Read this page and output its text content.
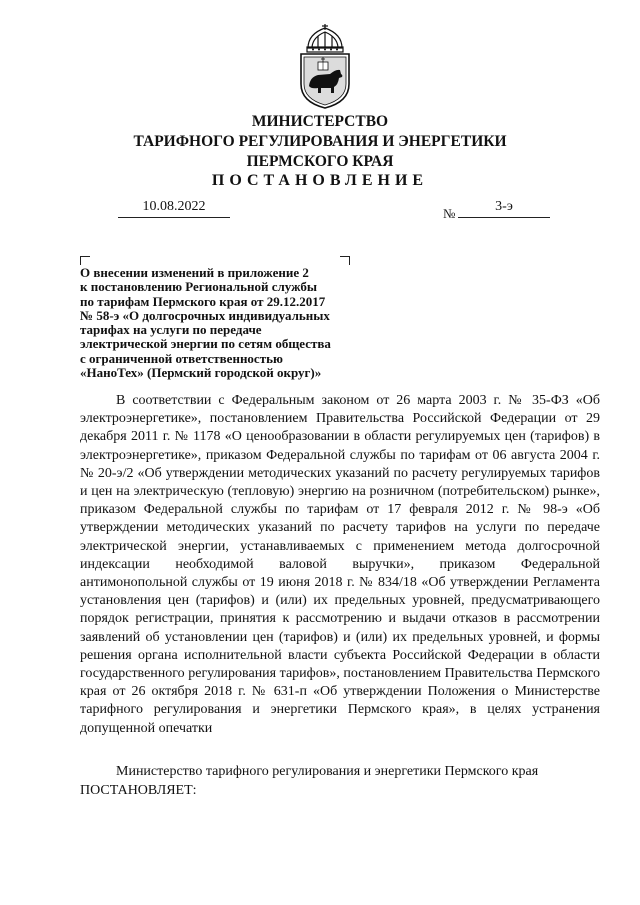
МИНИСТЕРСТВО
ТАРИФНОГО РЕГУЛИРОВАНИЯ И ЭНЕРГЕТИКИ
ПЕРМСКОГО КРАЯ
ПОСТАНОВЛЕНИЕ
10.08.2022	№	3-э
О внесении изменений в приложение 2
к постановлению Региональной службы
по тарифам Пермского края от 29.12.2017
№ 58-э «О долгосрочных индивидуальных
тарифах на услуги по передаче
электрической энергии по сетям общества
с ограниченной ответственностью
«НаноТех» (Пермский городской округ)»

В соответствии с Федеральным законом от 26 марта 2003 г. № 35-ФЗ «Об электроэнергетике», постановлением Правительства Российской Федерации от 29 декабря 2011 г. № 1178 «О ценообразовании в области регулируемых цен (тарифов) в электроэнергетике», приказом Федеральной службы по тарифам от 06 августа 2004 г. № 20-э/2 «Об утверждении методических указаний по расчету регулируемых тарифов и цен на электрическую (тепловую) энергию на розничном (потребительском) рынке», приказом Федеральной службы по тарифам от 17 февраля 2012 г. № 98-э «Об утверждении методических указаний по расчету тарифов на услуги по передаче электрической энергии, устанавливаемых с применением метода долгосрочной индексации необходимой валовой выручки», приказом Федеральной антимонопольной службы от 19 июня 2018 г. № 834/18 «Об утверждении Регламента установления цен (тарифов) и (или) их предельных уровней, предусматривающего порядок регистрации, принятия к рассмотрению и выдачи отказов в рассмотрении заявлений об установлении цен (тарифов) и (или) их предельных уровней, и формы решения органа исполнительной власти субъекта Российской Федерации в области государственного регулирования тарифов», постановлением Правительства Пермского края от 26 октября 2018 г. № 631-п «Об утверждении Положения о Министерстве тарифного регулирования и энергетики Пермского края», в целях устранения допущенной опечатки

Министерство тарифного регулирования и энергетики Пермского края
ПОСТАНОВЛЯЕТ:
